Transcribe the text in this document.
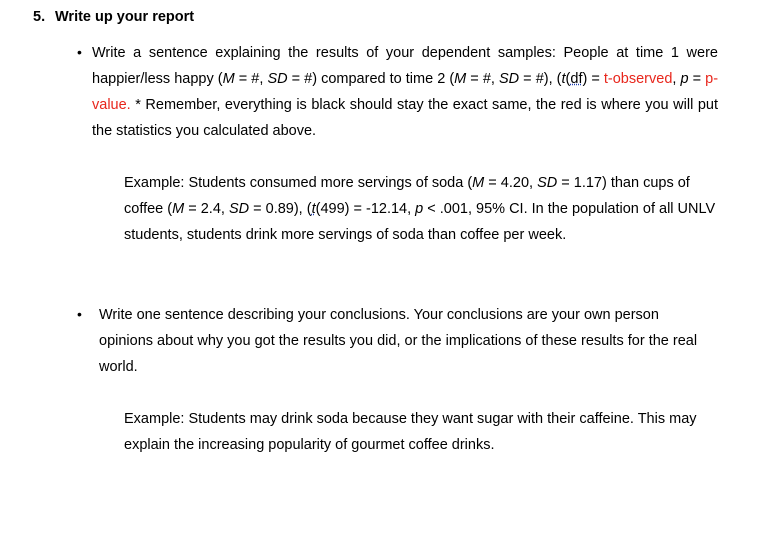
5. Write up your report
• Write a sentence explaining the results of your dependent samples: People at time 1 were happier/less happy (M = #, SD = #) compared to time 2 (M = #, SD = #), (t(df) = t-observed, p = p-value. * Remember, everything is black should stay the exact same, the red is where you will put the statistics you calculated above.

Example: Students consumed more servings of soda (M = 4.20, SD = 1.17) than cups of coffee (M = 2.4, SD = 0.89), (t(499) = -12.14, p < .001, 95% CI. In the population of all UNLV students, students drink more servings of soda than coffee per week.

• Write one sentence describing your conclusions. Your conclusions are your own person opinions about why you got the results you did, or the implications of these results for the real world.

Example: Students may drink soda because they want sugar with their caffeine. This may explain the increasing popularity of gourmet coffee drinks.
